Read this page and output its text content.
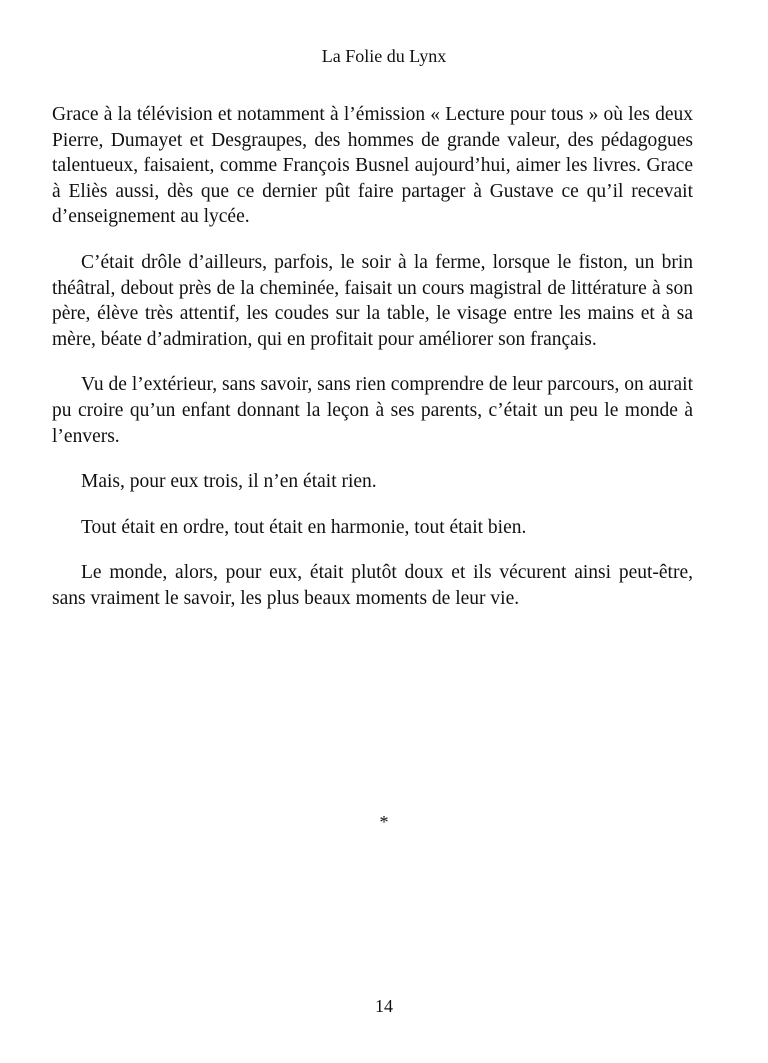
La Folie du Lynx

Grace à la télévision et notamment à l’émission « Lecture pour tous » où les deux Pierre, Dumayet et Desgraupes, des hommes de grande valeur, des pédagogues talentueux, faisaient, comme François Busnel aujourd’hui, aimer les livres. Grace à Eliès aussi, dès que ce dernier pût faire partager à Gustave ce qu’il recevait d’enseignement au lycée.

C’était drôle d’ailleurs, parfois, le soir à la ferme, lorsque le fiston, un brin théâtral, debout près de la cheminée, faisait un cours magistral de littérature à son père, élève très attentif, les coudes sur la table, le visage entre les mains et à sa mère, béate d’admiration, qui en profitait pour améliorer son français.

Vu de l’extérieur, sans savoir, sans rien comprendre de leur parcours, on aurait pu croire qu’un enfant donnant la leçon à ses parents, c’était un peu le monde à l’envers.

Mais, pour eux trois, il n’en était rien.

Tout était en ordre, tout était en harmonie, tout était bien.

Le monde, alors, pour eux, était plutôt doux et ils vécurent ainsi peut-être, sans vraiment le savoir, les plus beaux moments de leur vie.

*
14
